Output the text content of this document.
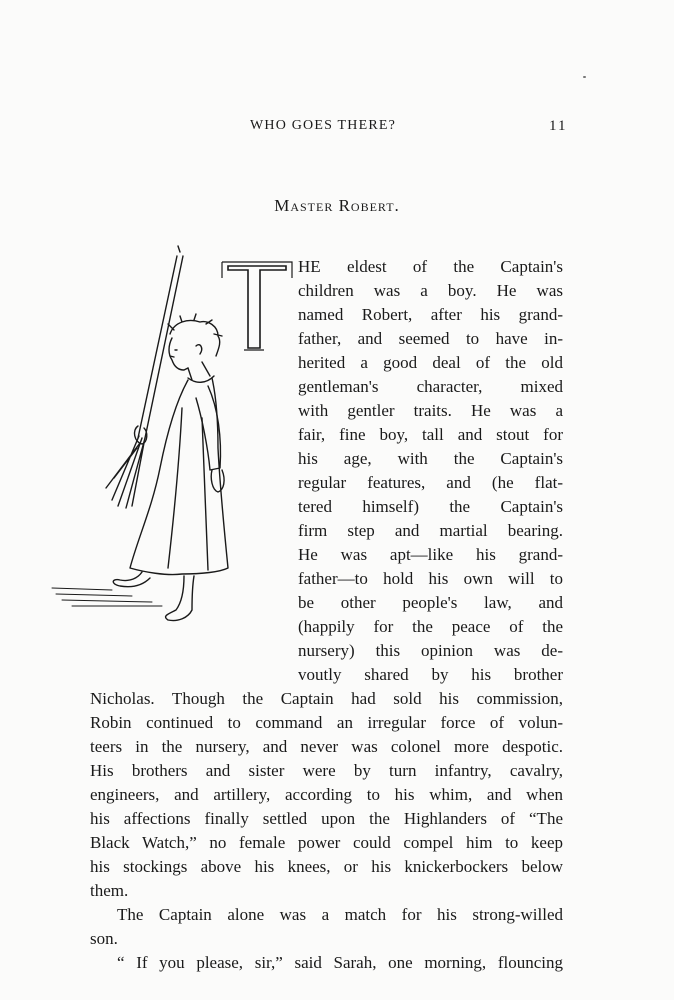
WHO GOES THERE?	11
Master Robert.
T	HE eldest of the Captain's
children was a boy. He was
named Robert, after his grand-
father, and seemed to have in-
herited a good deal of the old
gentleman's character, mixed
with gentler traits. He was a
fair, fine boy, tall and stout for
his age, with the Captain's
regular features, and (he flat-
tered himself) the Captain's
firm step and martial bearing.
He was apt—like his grand-
father—to hold his own will to
be other people's law, and
(happily for the peace of the
nursery) this opinion was de-
voutly shared by his brother
Nicholas. Though the Captain had sold his commission,
Robin continued to command an irregular force of volun-
teers in the nursery, and never was colonel more despotic.
His brothers and sister were by turn infantry, cavalry,
engineers, and artillery, according to his whim, and when
his affections finally settled upon the Highlanders of “The
Black Watch,” no female power could compel him to keep
his stockings above his knees, or his knickerbockers below
them.
The Captain alone was a match for his strong-willed
son.
“ If you please, sir,” said Sarah, one morning, flouncing
